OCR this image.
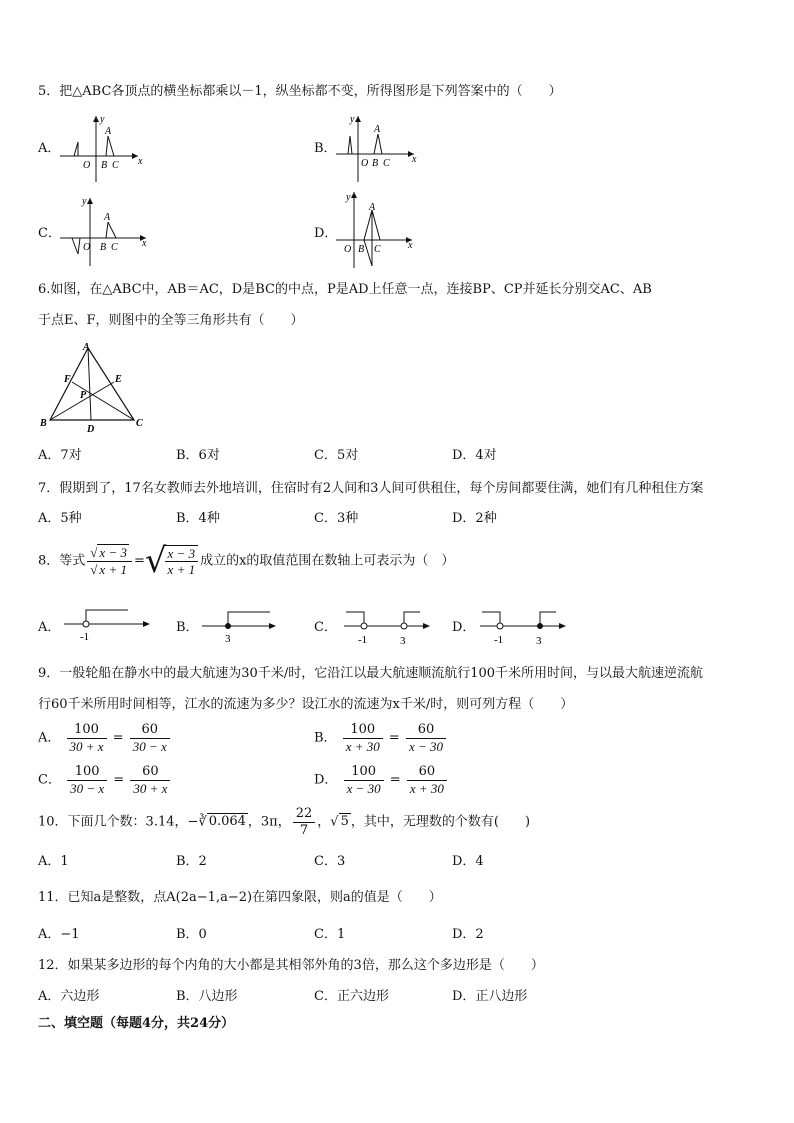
5．把△ABC各顶点的横坐标都乘以－1，纵坐标都不变，所得图形是下列答案中的（　　）
A．
y
x
O
A
B C
B．
y
x
O
A
B C
C．
y
x
O
A
B C
D．
y
x
O
A
B C
6.如图，在△ABC中，AB＝AC，D是BC的中点，P是AD上任意一点，连接BP、CP并延长分别交AC、AB
于点E、F，则图中的全等三角形共有（　　）
A
B	C
D
E
F
P
A．7对	B．6对	C．5对	D．4对
7．假期到了，17名女教师去外地培训，住宿时有2人间和3人间可供租住，每个房间都要住满，她们有几种租住方案
A．5种	B．4种	C．3种	D．2种
8．等式 $\frac{√ x - 3}{√ x + 1}$ =√
$\frac{x - 3}{x + 1}$ 成立的x的取值范围在数轴上可表示为（　）
A．
-1
B．
3
C．
-1	3
D．
-1	3
9．一般轮船在静水中的最大航速为30千米/时，它沿江以最大航速顺流航行100千米所用时间，与以最大航速逆流航
行60千米所用时间相等，江水的流速为多少？设江水的流速为x千米/时，则可列方程（　　）
A． $\frac{100}{30 + x} = \frac{60}{30 - x}$	B． $\frac{100}{x + 30} = \frac{60}{x - 30}$
C． $\frac{100}{30 - x} = \frac{60}{30 + x}$	D． $\frac{100}{x - 30} = \frac{60}{x + 30}$
10．下面几个数：3.14，−∛ 0.064 ，3π， $\frac{22}{7}$ ，√ 5 ，其中，无理数的个数有(　　)
A．1	B．2	C．3	D．4
11．已知a是整数，点A(2a−1,a−2)在第四象限，则a的值是（　　）
A．−1	B．0	C．1	D．2
12．如果某多边形的每个内角的大小都是其相邻外角的3倍，那么这个多边形是（　　）
A．六边形	B．八边形	C．正六边形	D．正八边形
二、填空题（每题4分，共24分）
